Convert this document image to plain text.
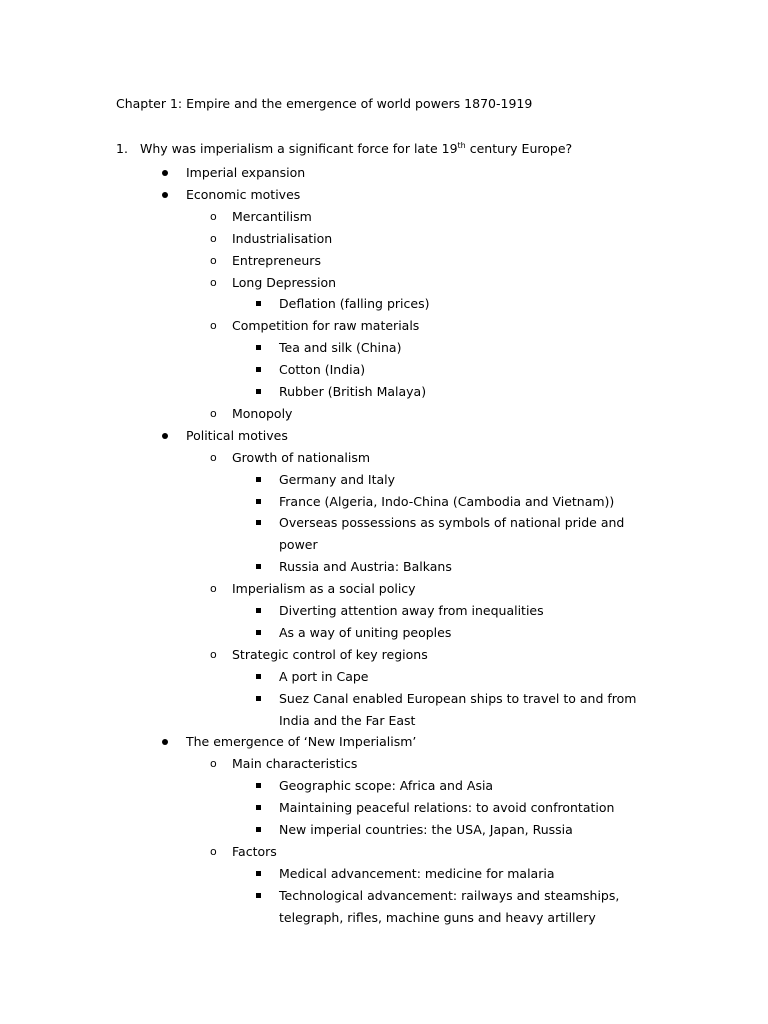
Chapter 1: Empire and the emergence of world powers 1870-1919
1. Why was imperialism a significant force for late 19th century Europe?
Imperial expansion
Economic motives
o Mercantilism
o Industrialisation
o Entrepreneurs
o Long Depression
Deflation (falling prices)
o Competition for raw materials
Tea and silk (China)
Cotton (India)
Rubber (British Malaya)
o Monopoly
Political motives
o Growth of nationalism
Germany and Italy
France (Algeria, Indo-China (Cambodia and Vietnam))
Overseas possessions as symbols of national pride and
power
Russia and Austria: Balkans
o Imperialism as a social policy
Diverting attention away from inequalities
As a way of uniting peoples
o Strategic control of key regions
A port in Cape
Suez Canal enabled European ships to travel to and from
India and the Far East
The emergence of ‘New Imperialism’
o Main characteristics
Geographic scope: Africa and Asia
Maintaining peaceful relations: to avoid confrontation
New imperial countries: the USA, Japan, Russia
o Factors
Medical advancement: medicine for malaria
Technological advancement: railways and steamships,
telegraph, rifles, machine guns and heavy artillery
